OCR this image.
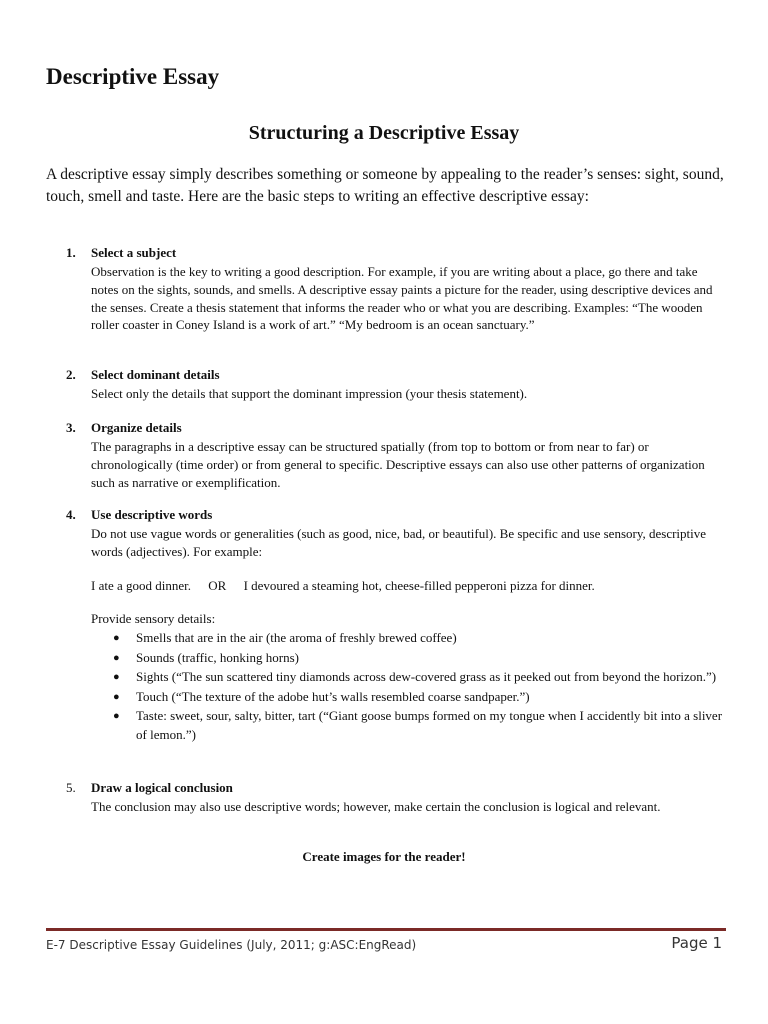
Descriptive Essay
Structuring a Descriptive Essay

A descriptive essay simply describes something or someone by appealing to the reader’s senses: sight, sound, touch, smell and taste. Here are the basic steps to writing an effective descriptive essay:

1. Select a subject

Observation is the key to writing a good description. For example, if you are writing about a place, go there and take notes on the sights, sounds, and smells. A descriptive essay paints a picture for the reader, using descriptive devices and the senses. Create a thesis statement that informs the reader who or what you are describing. Examples: “The wooden roller coaster in Coney Island is a work of art.” “My bedroom is an ocean sanctuary.”

2. Select dominant details

Select only the details that support the dominant impression (your thesis statement).

3. Organize details

The paragraphs in a descriptive essay can be structured spatially (from top to bottom or from near to far) or chronologically (time order) or from general to specific. Descriptive essays can also use other patterns of organization such as narrative or exemplification.

4. Use descriptive words

Do not use vague words or generalities (such as good, nice, bad, or beautiful). Be specific and use sensory, descriptive words (adjectives). For example:

I ate a good dinner. OR I devoured a steaming hot, cheese-filled pepperoni pizza for dinner.

Provide sensory details:

● Smells that are in the air (the aroma of freshly brewed coffee)
● Sounds (traffic, honking horns)
● Sights (“The sun scattered tiny diamonds across dew-covered grass as it peeked out from beyond the horizon.”)
● Touch (“The texture of the adobe hut’s walls resembled coarse sandpaper.”)
● Taste: sweet, sour, salty, bitter, tart (“Giant goose bumps formed on my tongue when I accidently bit into a sliver of lemon.”)
5. Draw a logical conclusion

The conclusion may also use descriptive words; however, make certain the conclusion is logical and relevant.

Create images for the reader!

E-7 Descriptive Essay Guidelines (July, 2011; g:ASC:EngRead)	Page 1
